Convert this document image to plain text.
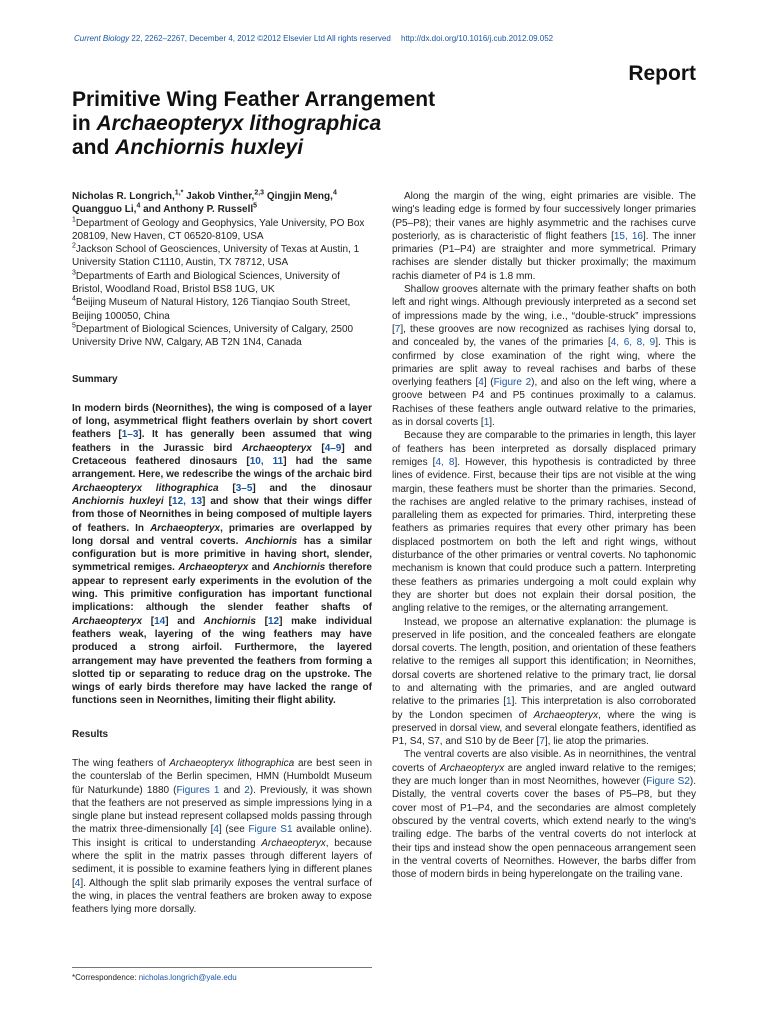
Current Biology 22, 2262–2267, December 4, 2012 ©2012 Elsevier Ltd All rights reserved http://dx.doi.org/10.1016/j.cub.2012.09.052
Report
Primitive Wing Feather Arrangement
in Archaeopteryx lithographica
and Anchiornis huxleyi

Nicholas R. Longrich,$^{1,*}$ Jakob Vinther,$^{2,3}$ Qingjin Meng,$^4$ Quangguo Li,$^4$ and Anthony P. Russell$^5$

$^1$Department of Geology and Geophysics, Yale University, PO Box 208109, New Haven, CT 06520-8109, USA

$^2$Jackson School of Geosciences, University of Texas at Austin, 1 University Station C1110, Austin, TX 78712, USA

$^3$Departments of Earth and Biological Sciences, University of Bristol, Woodland Road, Bristol BS8 1UG, UK

$^4$Beijing Museum of Natural History, 126 Tianqiao South Street, Beijing 100050, China

$^5$Department of Biological Sciences, University of Calgary, 2500 University Drive NW, Calgary, AB T2N 1N4, Canada

Summary

In modern birds (Neornithes), the wing is composed of a layer of long, asymmetrical flight feathers overlain by short covert feathers [1–3]. It has generally been assumed that wing feathers in the Jurassic bird Archaeopteryx [4–9] and Cretaceous feathered dinosaurs [10, 11] had the same arrangement. Here, we redescribe the wings of the archaic bird Archaeopteryx lithographica [3–5] and the dinosaur Anchiornis huxleyi [12, 13] and show that their wings differ from those of Neornithes in being composed of multiple layers of feathers. In Archaeopteryx, primaries are overlapped by long dorsal and ventral coverts. Anchiornis has a similar configuration but is more primitive in having short, slender, symmetrical remiges. Archaeopteryx and Anchiornis therefore appear to represent early experiments in the evolution of the wing. This primitive configuration has important functional implications: although the slender feather shafts of Archaeopteryx [14] and Anchiornis [12] make individual feathers weak, layering of the wing feathers may have produced a strong airfoil. Furthermore, the layered arrangement may have prevented the feathers from forming a slotted tip or separating to reduce drag on the upstroke. The wings of early birds therefore may have lacked the range of functions seen in Neornithes, limiting their flight ability.

Results

The wing feathers of Archaeopteryx lithographica are best seen in the counterslab of the Berlin specimen, HMN (Humboldt Museum für Naturkunde) 1880 (Figures 1 and 2). Previously, it was shown that the feathers are not preserved as simple impressions lying in a single plane but instead represent collapsed molds passing through the matrix three-dimensionally [4] (see Figure S1 available online). This insight is critical to understanding Archaeopteryx, because where the split in the matrix passes through different layers of sediment, it is possible to examine feathers lying in different planes [4]. Although the split slab primarily exposes the ventral surface of the wing, in places the ventral feathers are broken away to expose feathers lying more dorsally.

Along the margin of the wing, eight primaries are visible. The wing's leading edge is formed by four successively longer primaries (P5–P8); their vanes are highly asymmetric and the rachises curve posteriorly, as is characteristic of flight feathers [15, 16]. The inner primaries (P1–P4) are straighter and more symmetrical. Primary rachises are slender distally but thicker proximally; the maximum rachis diameter of P4 is 1.8 mm.

Shallow grooves alternate with the primary feather shafts on both left and right wings. Although previously interpreted as a second set of impressions made by the wing, i.e., “double-struck” impressions [7], these grooves are now recognized as rachises lying dorsal to, and concealed by, the vanes of the primaries [4, 6, 8, 9]. This is confirmed by close examination of the right wing, where the primaries are split away to reveal rachises and barbs of these overlying feathers [4] (Figure 2), and also on the left wing, where a groove between P4 and P5 continues proximally to a calamus. Rachises of these feathers angle outward relative to the primaries, as in dorsal coverts [1].

Because they are comparable to the primaries in length, this layer of feathers has been interpreted as dorsally displaced primary remiges [4, 8]. However, this hypothesis is contradicted by three lines of evidence. First, because their tips are not visible at the wing margin, these feathers must be shorter than the primaries. Second, the rachises are angled relative to the primary rachises, instead of paralleling them as expected for primaries. Third, interpreting these feathers as primaries requires that every other primary has been displaced postmortem on both the left and right wings, without disturbance of the other primaries or ventral coverts. No taphonomic mechanism is known that could produce such a pattern. Interpreting these feathers as primaries undergoing a molt could explain why they are shorter but does not explain their dorsal position, the angling relative to the remiges, or the alternating arrangement.

Instead, we propose an alternative explanation: the plumage is preserved in life position, and the concealed feathers are elongate dorsal coverts. The length, position, and orientation of these feathers relative to the remiges all support this identification; in Neornithes, dorsal coverts are shortened relative to the primary tract, lie dorsal to and alternating with the primaries, and are angled outward relative to the primaries [1]. This interpretation is also corroborated by the London specimen of Archaeopteryx, where the wing is preserved in dorsal view, and several elongate feathers, identified as P1, S4, S7, and S10 by de Beer [7], lie atop the primaries.

The ventral coverts are also visible. As in neornithines, the ventral coverts of Archaeopteryx are angled inward relative to the remiges; they are much longer than in most Neornithes, however (Figure S2). Distally, the ventral coverts cover the bases of P5–P8, but they cover most of P1–P4, and the secondaries are almost completely obscured by the ventral coverts, which extend nearly to the wing's trailing edge. The barbs of the ventral coverts do not interlock at their tips and instead show the open pennaceous arrangement seen in the ventral coverts of Neornithes. However, the barbs differ from those of modern birds in being hyperelongate on the trailing vane.

*Correspondence: nicholas.longrich@yale.edu
